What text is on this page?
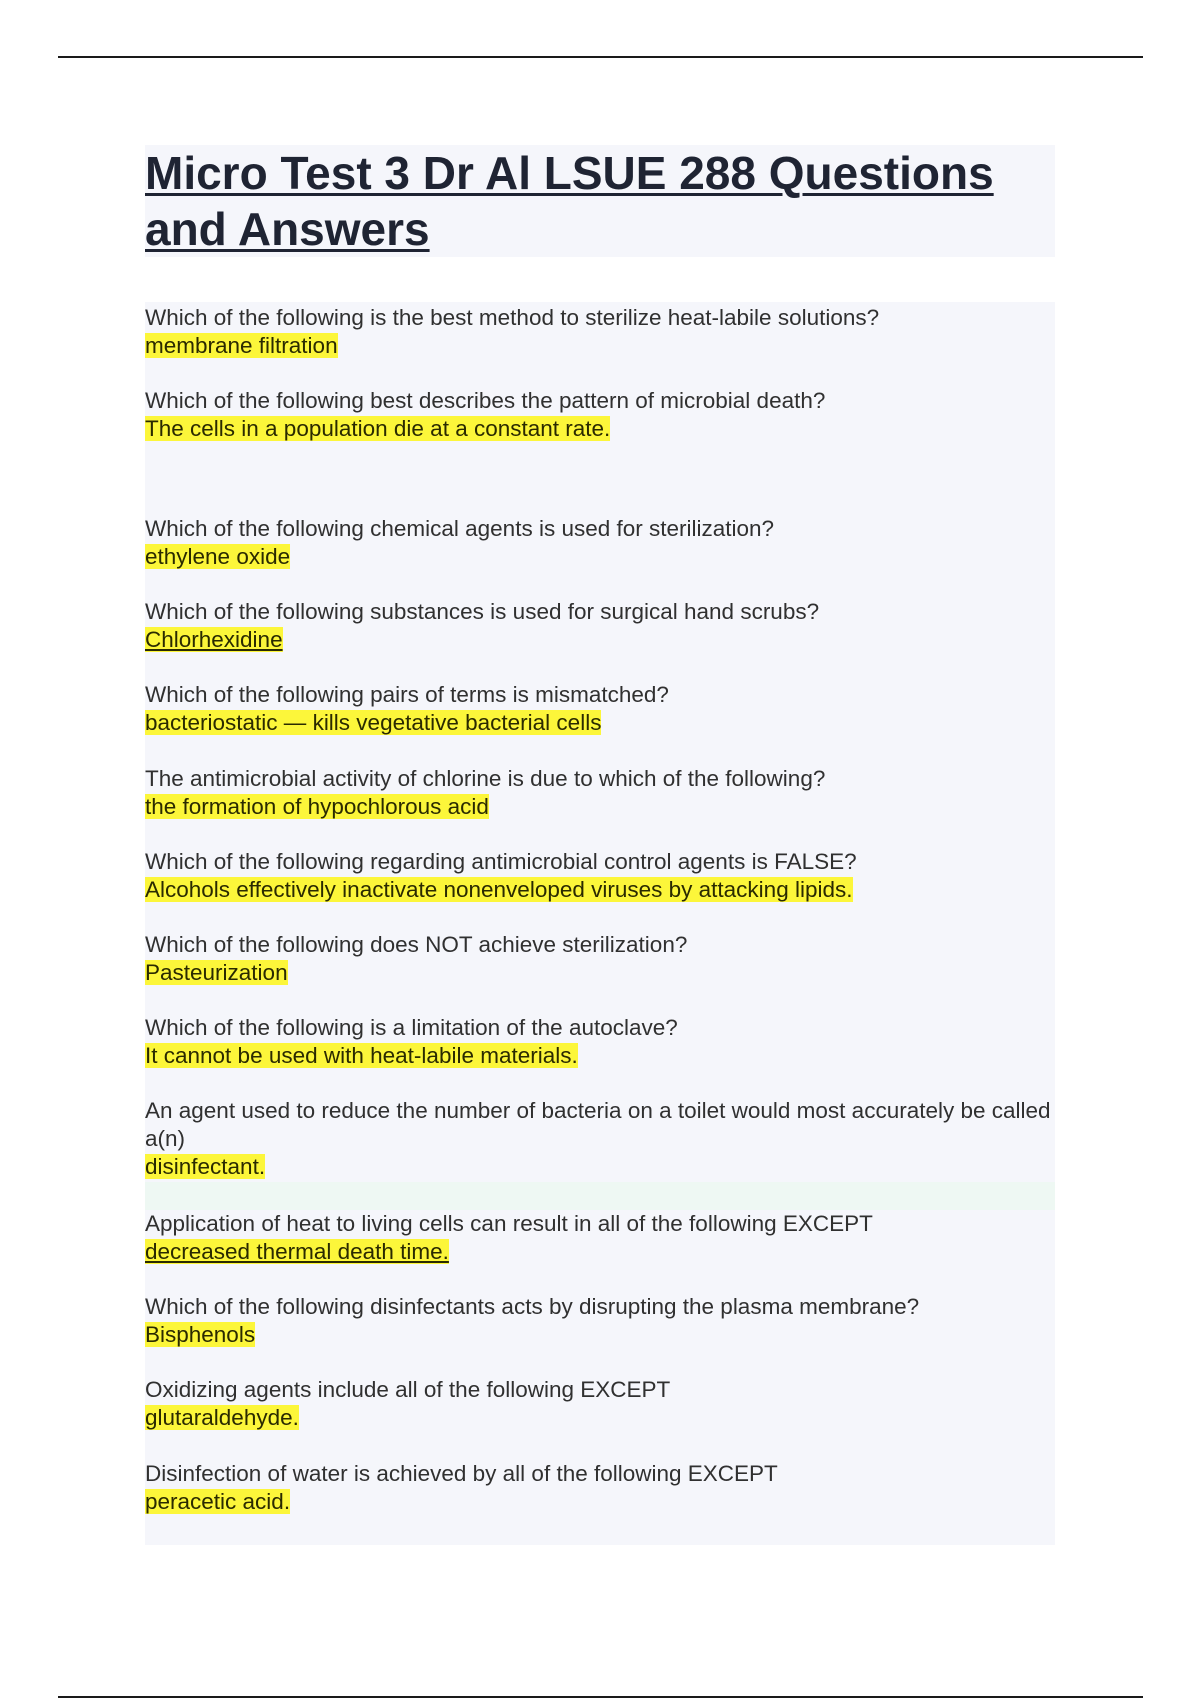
Micro Test 3 Dr Al LSUE 288 Questions and Answers
Which of the following is the best method to sterilize heat-labile solutions?
membrane filtration
Which of the following best describes the pattern of microbial death?
The cells in a population die at a constant rate.
Which of the following chemical agents is used for sterilization?
ethylene oxide
Which of the following substances is used for surgical hand scrubs?
Chlorhexidine
Which of the following pairs of terms is mismatched?
bacteriostatic — kills vegetative bacterial cells
The antimicrobial activity of chlorine is due to which of the following?
the formation of hypochlorous acid
Which of the following regarding antimicrobial control agents is FALSE?
Alcohols effectively inactivate nonenveloped viruses by attacking lipids.
Which of the following does NOT achieve sterilization?
Pasteurization
Which of the following is a limitation of the autoclave?
It cannot be used with heat-labile materials.
An agent used to reduce the number of bacteria on a toilet would most accurately be called a(n)
disinfectant.
Application of heat to living cells can result in all of the following EXCEPT
decreased thermal death time.
Which of the following disinfectants acts by disrupting the plasma membrane?
Bisphenols
Oxidizing agents include all of the following EXCEPT
glutaraldehyde.
Disinfection of water is achieved by all of the following EXCEPT
peracetic acid.
